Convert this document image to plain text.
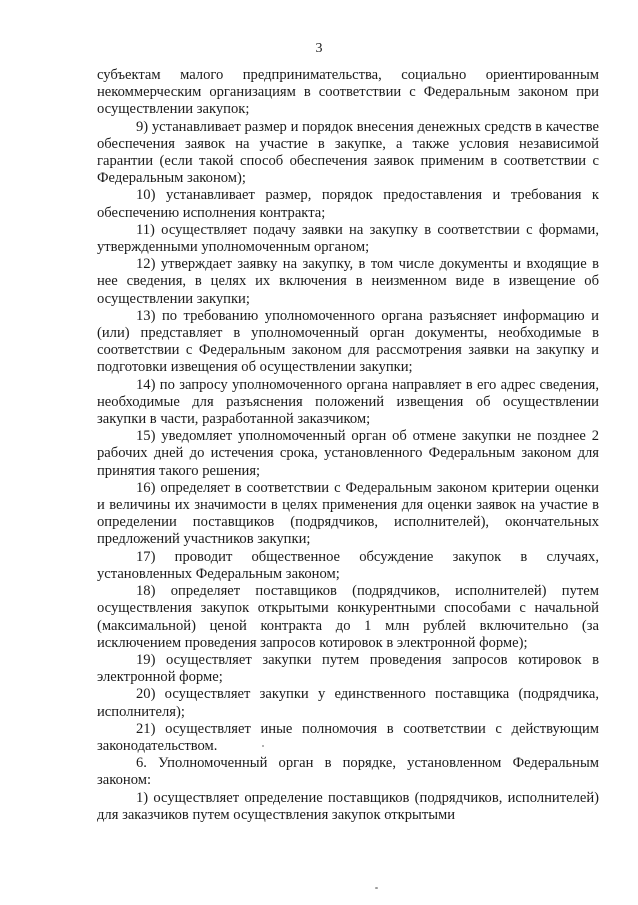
3

субъектам малого предпринимательства, социально ориентированным некоммерческим организациям в соответствии с Федеральным законом при осуществлении закупок;

9) устанавливает размер и порядок внесения денежных средств в качестве обеспечения заявок на участие в закупке, а также условия независимой гарантии (если такой способ обеспечения заявок применим в соответствии с Федеральным законом);

10) устанавливает размер, порядок предоставления и требования к обеспечению исполнения контракта;

11) осуществляет подачу заявки на закупку в соответствии с формами, утвержденными уполномоченным органом;

12) утверждает заявку на закупку, в том числе документы и входящие в нее сведения, в целях их включения в неизменном виде в извещение об осуществлении закупки;

13) по требованию уполномоченного органа разъясняет информацию и (или) представляет в уполномоченный орган документы, необходимые в соответствии с Федеральным законом для рассмотрения заявки на закупку и подготовки извещения об осуществлении закупки;

14) по запросу уполномоченного органа направляет в его адрес сведения, необходимые для разъяснения положений извещения об осуществлении закупки в части, разработанной заказчиком;

15) уведомляет уполномоченный орган об отмене закупки не позднее 2 рабочих дней до истечения срока, установленного Федеральным законом для принятия такого решения;

16) определяет в соответствии с Федеральным законом критерии оценки и величины их значимости в целях применения для оценки заявок на участие в определении поставщиков (подрядчиков, исполнителей), окончательных предложений участников закупки;

17) проводит общественное обсуждение закупок в случаях, установленных Федеральным законом;

18) определяет поставщиков (подрядчиков, исполнителей) путем осуществления закупок открытыми конкурентными способами с начальной (максимальной) ценой контракта до 1 млн рублей включительно (за исключением проведения запросов котировок в электронной форме);

19) осуществляет закупки путем проведения запросов котировок в электронной форме;

20) осуществляет закупки у единственного поставщика (подрядчика, исполнителя);

21) осуществляет иные полномочия в соответствии с действующим законодательством.

6. Уполномоченный орган в порядке, установленном Федеральным законом:

1) осуществляет определение поставщиков (подрядчиков, исполнителей) для заказчиков путем осуществления закупок открытыми
